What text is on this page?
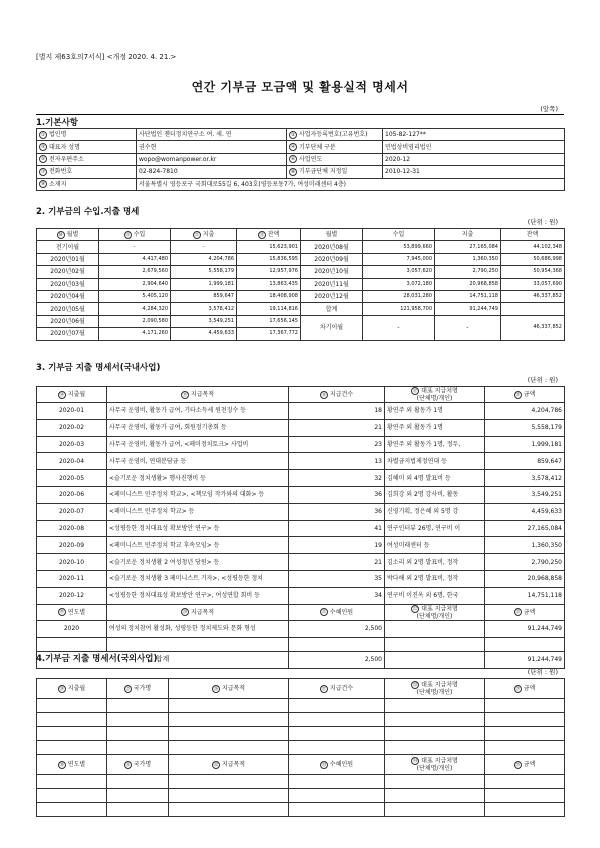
[별지 제63호의7서식] <개정 2020. 4. 21.>
연간 기부금 모금액 및 활용실적 명세서
(앞쪽)
1.기본사항
① 법인명	사단법인 젠더정치연구소 여. 세. 연	② 사업자등록번호(고유번호)	105-82-127**
③ 대표자 성명	권수현	④ 기부단체 구분	민법상비영리법인
⑤ 전자우편주소	wopo@womanpower.or.kr	⑥ 사업연도	2020-12
⑦ 전화번호	02-824-7810	⑧ 기부금단체 지정일	2010-12-31
⑨ 소재지	서울특별시 영등포구 국회대로55길 6, 403호(영등포동7가, 여성미래센터 4층)		
2. 기부금의 수입.지출 명세
(단위 : 원)
⑩ 월별	⑪ 수입	⑫ 지출	⑬ 잔액	월별	수입	지출	잔액
전기이월	-	-	15,623,901	2020년08월	53,899,660	27,165,084	44,102,348
2020년01월	4,417,480	4,204,786	15,836,595	2020년09월	7,945,000	1,360,350	50,686,998
2020년02월	2,679,560	5,558,179	12,957,976	2020년10월	3,057,620	2,790,250	50,954,368
2020년03월	2,904,640	1,999,181	13,863,435	2020년11월	3,072,180	20,968,858	33,057,690
2020년04월	5,405,120	859,647	18,408,908	2020년12월	28,031,280	14,751,118	46,337,852
2020년05월	4,284,320	3,578,412	19,114,816	합계	121,958,700	91,244,749	
2020년06월	2,090,580	3,549,251	17,656,145	차기이월	-	-	46,337,852
2020년07월	4,171,260	4,459,633	17,367,772				
3. 기부금 지출 명세서(국내사업)
(단위 : 원)
⑭ 지출월	⑮ 지급목적	⑯ 지급건수	⑰ 대표 지급처명
(단체명/개인)	⑱ 금액
2020-01	사무국 운영비, 활동가 급여, 기타소득세 원천징수 등	18	황연주 외 활동가 1명	4,204,786
2020-02	사무국 운영비, 활동가 급여, 회원정기총회 등	21	황연주 외 활동가 1명	5,558,179
2020-03	사무국 운영비, 활동가 급여, <페미정치토크> 사업비	23	황연주 외 활동가 1명, 정두,	1,999,181
2020-04	사무국 운영비, 연대분담금 등	13	차별금지법제정연대 등	859,647
2020-05	<슬기로운 정치생활> 행사진행비 등	32	김혜미 외 4명 발표비 등	3,578,412
2020-06	<페미니스트 민주정치 학교>, <책모임 작가와의 대화> 등	36	김희강 외 2명 강사비, 활동	3,549,251
2020-07	<페미니스트 민주정치 학교> 등	36	신영기획, 정은혜 외 5명 강	4,459,633
2020-08	<성평등한 정치대표성 확보방안 연구> 등	41	연구인터뷰 26명, 연구비 이	27,165,084
2020-09	<페미니스트 민주정치 학교 후속모임> 등	19	여성미래센터 등	1,360,350
2020-10	<슬기로운 정치생활 2 여성청년 당원> 등	21	김소리 외 2명 발표비, 정작	2,790,250
2020-11	<슬기로운 정치생활 3 페미니스트 기자>, <성평등한 정치	35	박다해 외 2명 발표비, 정작	20,968,858
2020-12	<성평등한 정치대표성 확보방안 연구>, 여성연합 회비 등	34	연구비 이진옥 외 6명, 한국	14,751,118
⑲ 연도별	⑳ 지급목적	㉑ 수혜인원	㉒ 대표 지급처명
(단체명/개인)	㉓ 금액
2020	여성의 정치참여 활성화, 성평등한 정치제도와 문화 형성	2,500		91,244,749

합계		2,500		91,244,749
4.기부금 지출 명세서(국외사업)
(단위 : 원)
㉔ 지출월	㉕ 국가명	㉖ 지급목적	㉗ 지급건수	㉘ 대표 지급처명
(단체명/개인)	㉙ 금액

㉚ 연도별	㉛ 국가명	㉜ 지급목적	㉝ 수혜인원	㉞ 대표 지급처명
(단체명/개인)	㉟ 금액
